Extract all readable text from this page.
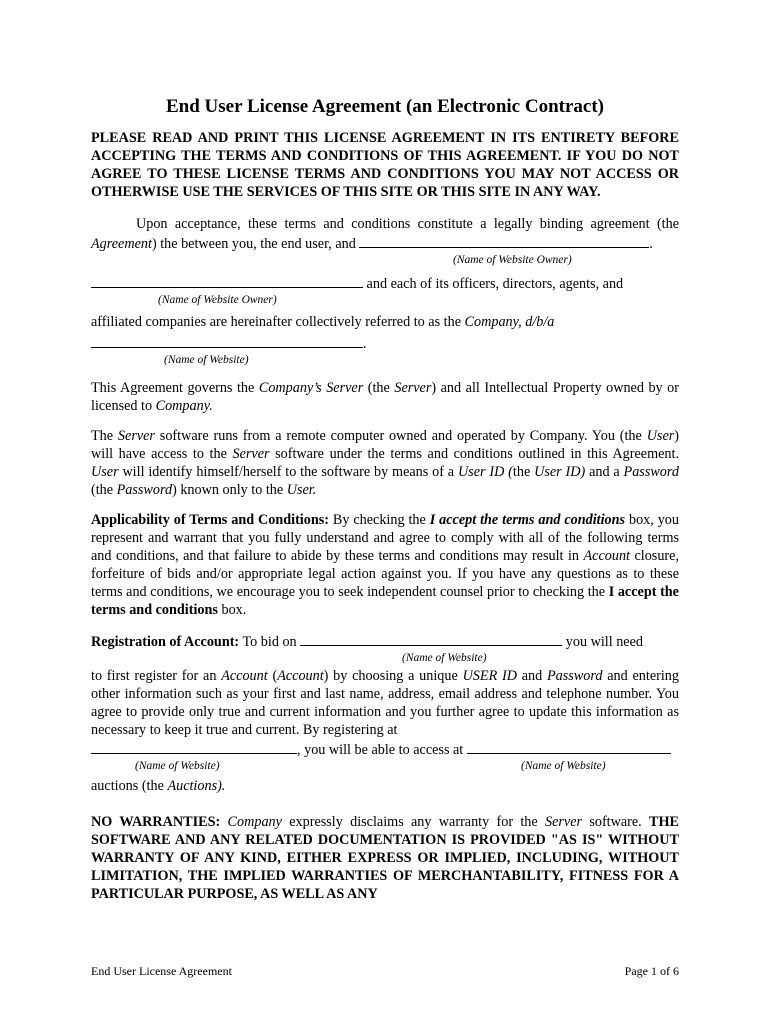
End User License Agreement (an Electronic Contract)

PLEASE READ AND PRINT THIS LICENSE AGREEMENT IN ITS ENTIRETY BEFORE ACCEPTING THE TERMS AND CONDITIONS OF THIS AGREEMENT. IF YOU DO NOT AGREE TO THESE LICENSE TERMS AND CONDITIONS YOU MAY NOT ACCESS OR OTHERWISE USE THE SERVICES OF THIS SITE OR THIS SITE IN ANY WAY.

Upon acceptance, these terms and conditions constitute a legally binding agreement (the Agreement) the between you, the end user, and	.

(Name of Website Owner)

and each of its officers, directors, agents, and

(Name of Website Owner)

affiliated companies are hereinafter collectively referred to as the Company, d/b/a

.

(Name of Website)

This Agreement governs the Company’s Server (the Server) and all Intellectual Property owned by or licensed to Company.

The Server software runs from a remote computer owned and operated by Company. You (the User) will have access to the Server software under the terms and conditions outlined in this Agreement. User will identify himself/herself to the software by means of a User ID (the User ID) and a Password (the Password) known only to the User.

Applicability of Terms and Conditions: By checking the I accept the terms and conditions box, you represent and warrant that you fully understand and agree to comply with all of the following terms and conditions, and that failure to abide by these terms and conditions may result in Account closure, forfeiture of bids and/or appropriate legal action against you. If you have any questions as to these terms and conditions, we encourage you to seek independent counsel prior to checking the I accept the terms and conditions box.

Registration of Account: To bid on	you will need

(Name of Website)

to first register for an Account (Account) by choosing a unique USER ID and Password and entering other information such as your first and last name, address, email address and telephone number. You agree to provide only true and current information and you further agree to update this information as necessary to keep it true and current. By registering at

, you will be able to access at

(Name of Website)	(Name of Website)

auctions (the Auctions).

NO WARRANTIES: Company expressly disclaims any warranty for the Server software. THE SOFTWARE AND ANY RELATED DOCUMENTATION IS PROVIDED "AS IS" WITHOUT WARRANTY OF ANY KIND, EITHER EXPRESS OR IMPLIED, INCLUDING, WITHOUT LIMITATION, THE IMPLIED WARRANTIES OF MERCHANTABILITY, FITNESS FOR A PARTICULAR PURPOSE, AS WELL AS ANY

End User License Agreement	Page 1 of 6
